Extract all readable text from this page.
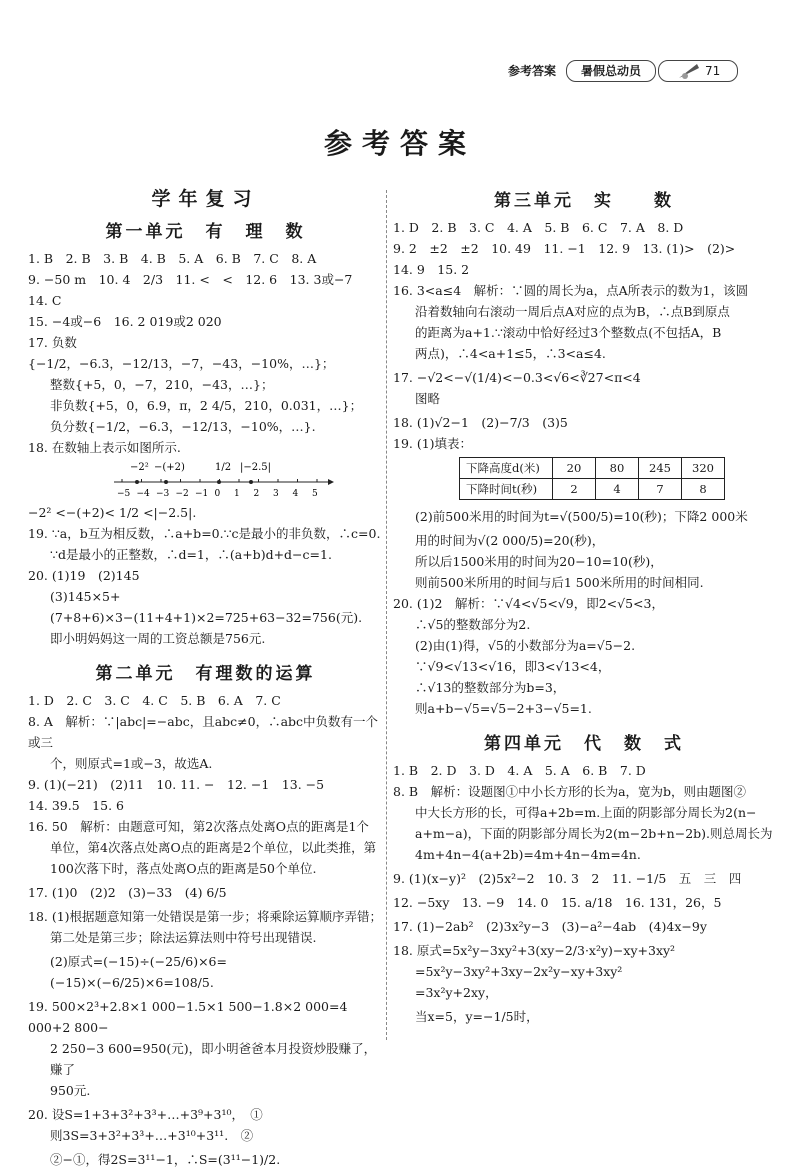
参考答案	暑假总动员	71
参考答案
学年复习
第一单元　有　理　数
1. B　2. B　3. B　4. B　5. A　6. B　7. C　8. A
9. −50 m　10. 4　2/3　11. <　<　12. 6　13. 3或−7　14. C
15. −4或−6　16. 2 019或2 020
17. 负数{−1/2，−6.3，−12/13，−7，−43，−10%，…}；
整数{+5，0，−7，210，−43，…}；
非负数{+5，0，6.9，π，2 4/5，210，0.031，…}；
负分数{−1/2，−6.3，−12/13，−10%，…}.
18. 在数轴上表示如图所示.
−5 −4 −3 −2 −1 0 1 2 3 4 5
−2² −(+2)	1/2 |−2.5|
−2² <−(+2)< 1/2 <|−2.5|.
19. ∵a，b互为相反数，∴a+b=0.∵c是最小的非负数，∴c=0.
∵d是最小的正整数，∴d=1，∴(a+b)d+d−c=1.
20. (1)19　(2)145
(3)145×5+(7+8+6)×3−(11+4+1)×2=725+63−32=756(元).
即小明妈妈这一周的工资总额是756元.
第二单元　有理数的运算
1. D　2. C　3. C　4. C　5. B　6. A　7. C
8. A　解析：∵|abc|=−abc，且abc≠0，∴abc中负数有一个或三
个，则原式=1或−3，故选A.
9. (1)(−21)　(2)11　10. 11. −　12. −1　13. −5
14. 39.5　15. 6
16. 50　解析：由题意可知，第2次落点处离O点的距离是1个
单位，第4次落点处离O点的距离是2个单位，以此类推，第
100次落下时，落点处离O点的距离是50个单位.
17. (1)0　(2)2　(3)−33　(4) 6/5
18. (1)根据题意知第一处错误是第一步；将乘除运算顺序弄错；
第二处是第三步；除法运算法则中符号出现错误.
(2)原式=(−15)÷(−25/6)×6=(−15)×(−6/25)×6=108/5.
19. 500×2³+2.8×1 000−1.5×1 500−1.8×2 000=4 000+2 800−
2 250−3 600=950(元)，即小明爸爸本月投资炒股赚了，赚了
950元.
20. 设S=1+3+3²+3³+…+3⁹+3¹⁰，　①
则3S=3+3²+3³+…+3¹⁰+3¹¹.　②
②−①，得2S=3¹¹−1，∴S=(3¹¹−1)/2.
第三单元　实　　数
1. D　2. B　3. C　4. A　5. B　6. C　7. A　8. D
9. 2　±2　±2　10. 49　11. −1　12. 9　13. (1)>　(2)>
14. 9　15. 2
16. 3<a≤4　解析：∵圆的周长为a，点A所表示的数为1，该圆
沿着数轴向右滚动一周后点A对应的点为B，∴点B到原点
的距离为a+1.∵滚动中恰好经过3个整数点(不包括A，B
两点)，∴4<a+1≤5，∴3<a≤4.
17. −√2<−√(1/4)<−0.3<√6<∛27<π<4
图略
18. (1)√2−1　(2)−7/3　(3)5
19. (1)填表：
下降高度d(米)	20	80	245	320
下降时间t(秒)	2	4	7	8
(2)前500米用的时间为t=√(500/5)=10(秒)；下降2 000米
用的时间为√(2 000/5)=20(秒)，
所以后1500米用的时间为20−10=10(秒)，
则前500米所用的时间与后1 500米所用的时间相同.
20. (1)2　解析：∵√4<√5<√9，即2<√5<3，
∴√5的整数部分为2.
(2)由(1)得，√5的小数部分为a=√5−2.
∵√9<√13<√16，即3<√13<4，
∴√13的整数部分为b=3，
则a+b−√5=√5−2+3−√5=1.
第四单元　代　数　式
1. B　2. D　3. D　4. A　5. A　6. B　7. D
8. B　解析：设题图①中小长方形的长为a，宽为b，则由题图②
中大长方形的长，可得a+2b=m.上面的阴影部分周长为2(n−
a+m−a)，下面的阴影部分周长为2(m−2b+n−2b).则总周长为
4m+4n−4(a+2b)=4m+4n−4m=4n.
9. (1)(x−y)²　(2)5x²−2　10. 3　2　11. −1/5　五　三　四
12. −5xy　13. −9　14. 0　15. a/18　16. 131，26，5
17. (1)−2ab²　(2)3x²y−3　(3)−a²−4ab　(4)4x−9y
18. 原式=5x²y−3xy²+3(xy−2/3·x²y)−xy+3xy²
=5x²y−3xy²+3xy−2x²y−xy+3xy²
=3x²y+2xy，
当x=5，y=−1/5时，
